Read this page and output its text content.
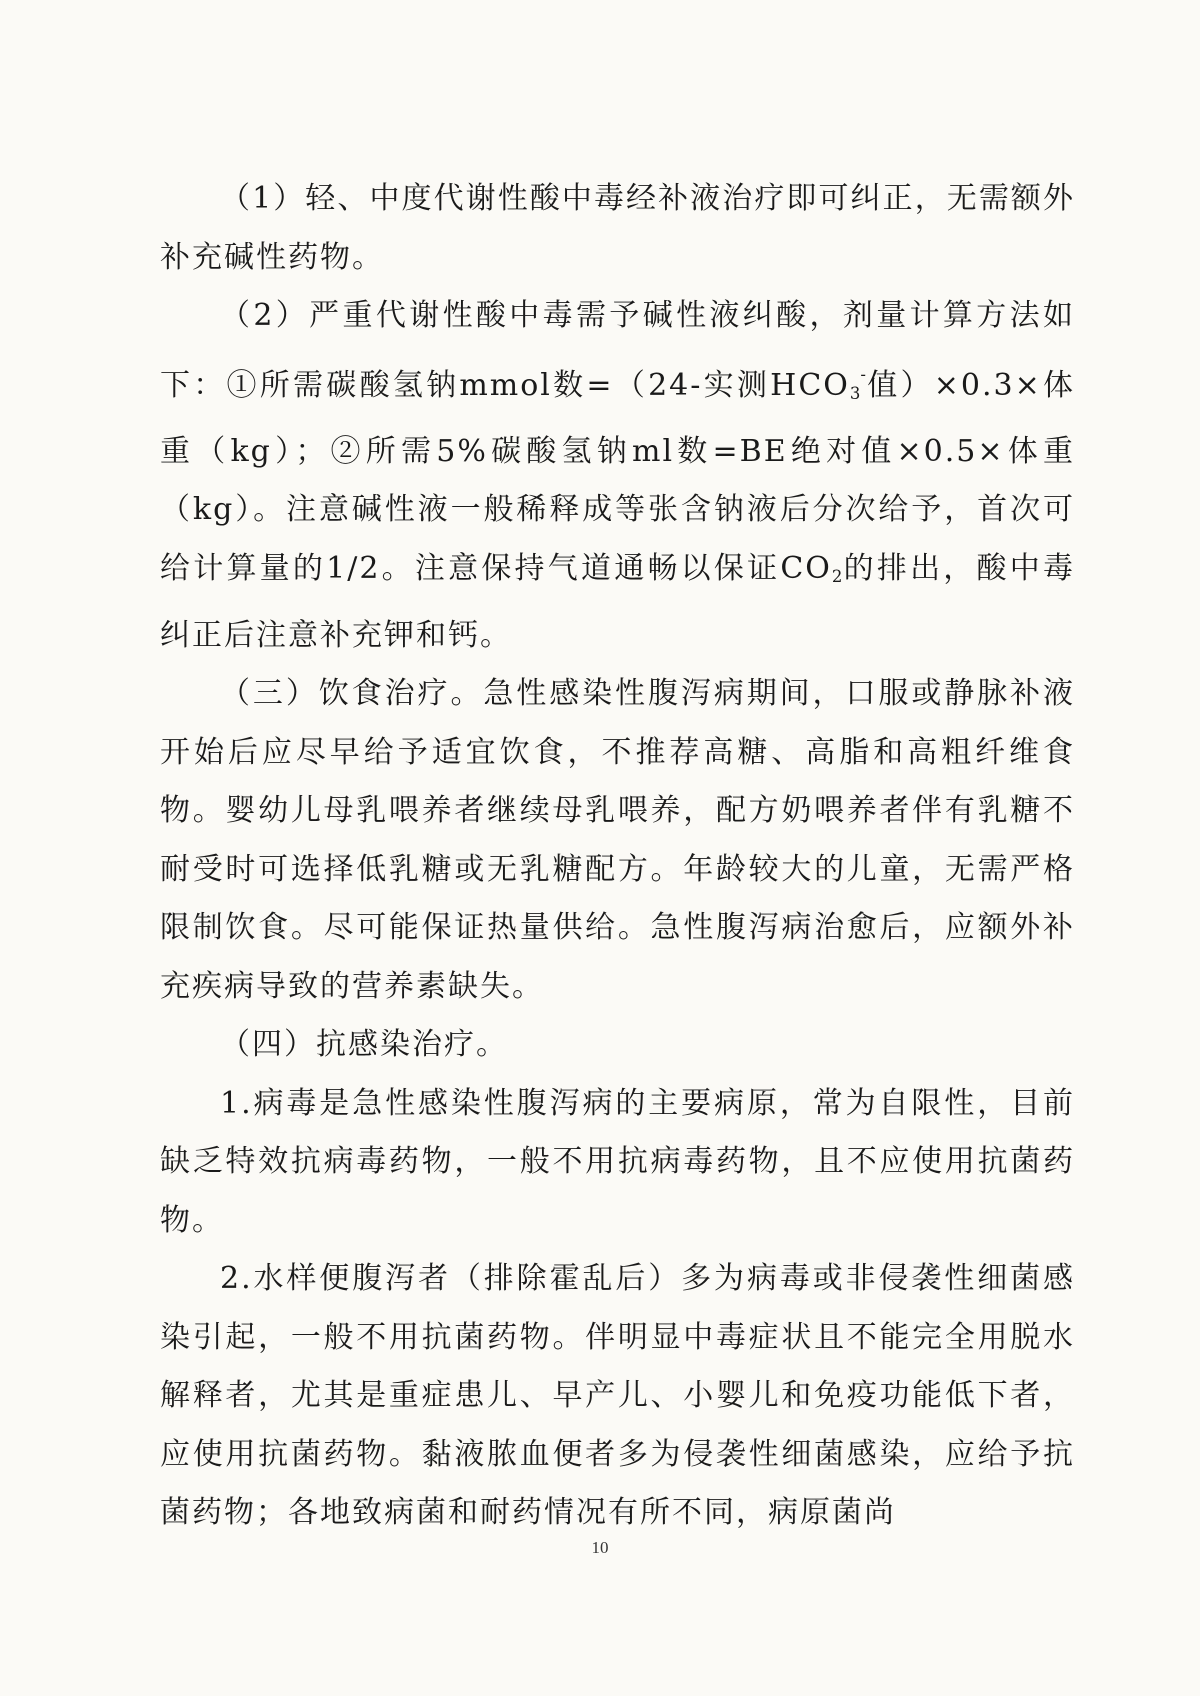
（1）轻、中度代谢性酸中毒经补液治疗即可纠正，无需额外补充碱性药物。

（2）严重代谢性酸中毒需予碱性液纠酸，剂量计算方法如下：①所需碳酸氢钠mmol数=（24-实测$HCO_3^-$值）×0.3×体重（kg）；②所需5%碳酸氢钠ml数=BE绝对值×0.5×体重（kg）。注意碱性液一般稀释成等张含钠液后分次给予，首次可给计算量的1/2。注意保持气道通畅以保证$CO_2$的排出，酸中毒纠正后注意补充钾和钙。

（三）饮食治疗。急性感染性腹泻病期间，口服或静脉补液开始后应尽早给予适宜饮食，不推荐高糖、高脂和高粗纤维食物。婴幼儿母乳喂养者继续母乳喂养，配方奶喂养者伴有乳糖不耐受时可选择低乳糖或无乳糖配方。年龄较大的儿童，无需严格限制饮食。尽可能保证热量供给。急性腹泻病治愈后，应额外补充疾病导致的营养素缺失。

（四）抗感染治疗。

1.病毒是急性感染性腹泻病的主要病原，常为自限性，目前缺乏特效抗病毒药物，一般不用抗病毒药物，且不应使用抗菌药物。

2.水样便腹泻者（排除霍乱后）多为病毒或非侵袭性细菌感染引起，一般不用抗菌药物。伴明显中毒症状且不能完全用脱水解释者，尤其是重症患儿、早产儿、小婴儿和免疫功能低下者，应使用抗菌药物。黏液脓血便者多为侵袭性细菌感染，应给予抗菌药物；各地致病菌和耐药情况有所不同，病原菌尚

10
